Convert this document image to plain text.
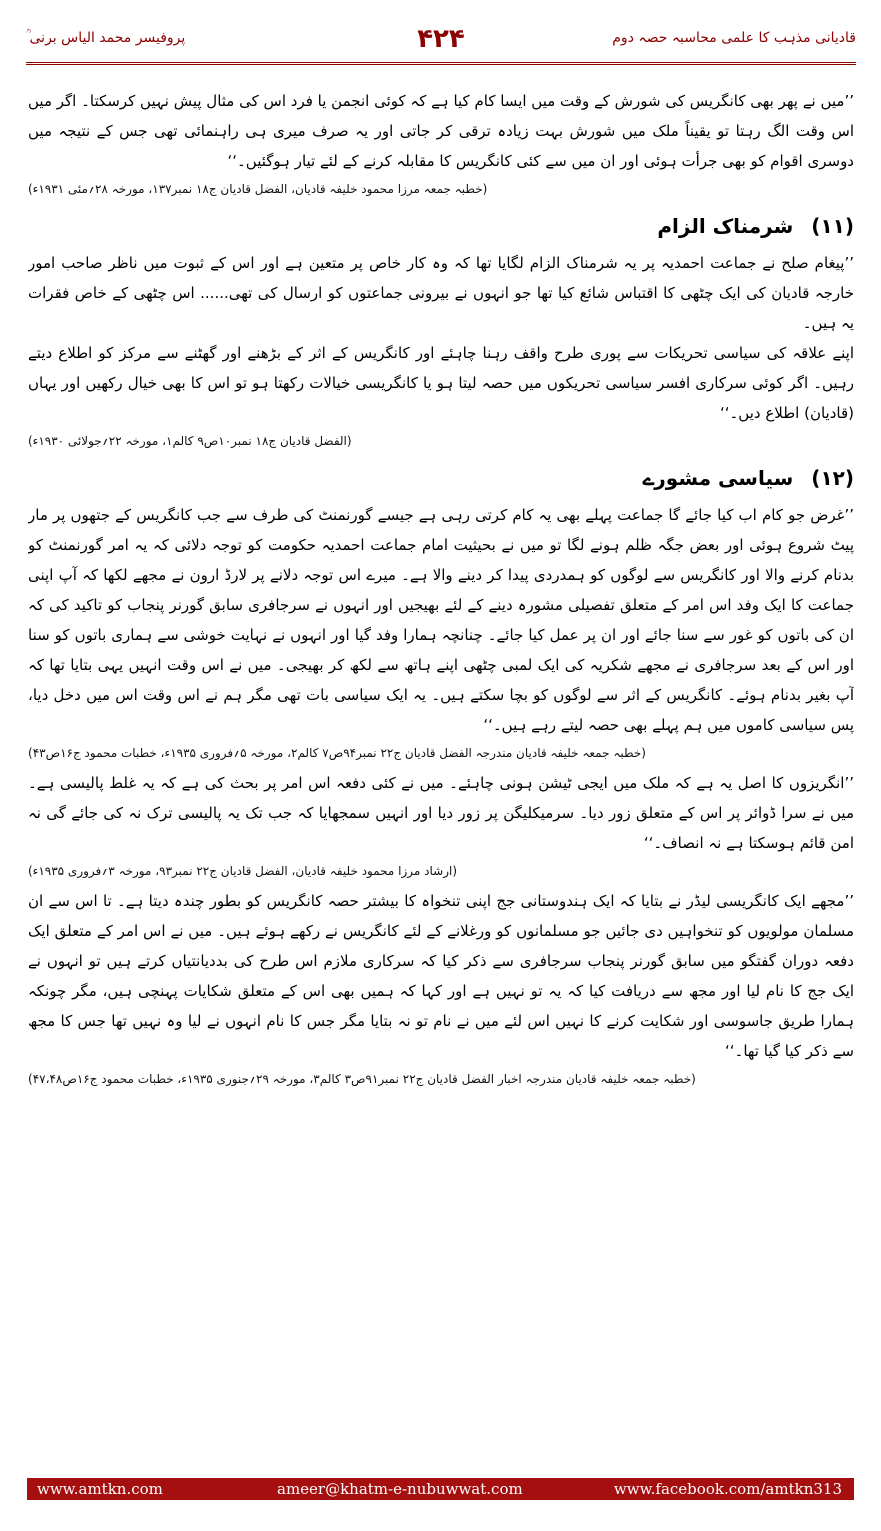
قادیانی مذہب کا علمی محاسبہ حصہ دوم
۴۲۴
پروفیسر محمد الیاس برنی ؒ

’’میں نے پھر بھی کانگریس کی شورش کے وقت میں ایسا کام کیا ہے کہ کوئی انجمن یا فرد اس کی مثال پیش نہیں کرسکتا۔ اگر میں اس وقت الگ رہتا تو یقیناً ملک میں شورش بہت زیادہ ترقی کر جاتی اور یہ صرف میری ہی راہنمائی تھی جس کے نتیجہ میں دوسری اقوام کو بھی جرأت ہوئی اور ان میں سے کئی کانگریس کا مقابلہ کرنے کے لئے تیار ہوگئیں۔‘‘

(خطبہ جمعہ مرزا محمود خلیفہ قادیان، الفضل قادیان ج۱۸ نمبر۱۳۷، مورخہ ۲۸؍مئی ۱۹۳۱ء)

(۱۱)شرمناک الزام

’’پیغام صلح نے جماعت احمدیہ پر یہ شرمناک الزام لگایا تھا کہ وہ کار خاص پر متعین ہے اور اس کے ثبوت میں ناظر صاحب امور خارجہ قادیان کی ایک چٹھی کا اقتباس شائع کیا تھا جو انہوں نے بیرونی جماعتوں کو ارسال کی تھی...... اس چٹھی کے خاص فقرات یہ ہیں۔

اپنے علاقہ کی سیاسی تحریکات سے پوری طرح واقف رہنا چاہئے اور کانگریس کے اثر کے بڑھنے اور گھٹنے سے مرکز کو اطلاع دیتے رہیں۔ اگر کوئی سرکاری افسر سیاسی تحریکوں میں حصہ لیتا ہو یا کانگریسی خیالات رکھتا ہو تو اس کا بھی خیال رکھیں اور یہاں (قادیان) اطلاع دیں۔‘‘

(الفضل قادیان ج۱۸ نمبر۱۰ص۹ کالم۱، مورخہ ۲۲؍جولائی ۱۹۳۰ء)

(۱۲)سیاسی مشورے

’’غرض جو کام اب کیا جائے گا جماعت پہلے بھی یہ کام کرتی رہی ہے جیسے گورنمنٹ کی طرف سے جب کانگریس کے جتھوں پر مار پیٹ شروع ہوئی اور بعض جگہ ظلم ہونے لگا تو میں نے بحیثیت امام جماعت احمدیہ حکومت کو توجہ دلائی کہ یہ امر گورنمنٹ کو بدنام کرنے والا اور کانگریس سے لوگوں کو ہمدردی پیدا کر دینے والا ہے۔ میرے اس توجہ دلانے پر لارڈ ارون نے مجھے لکھا کہ آپ اپنی جماعت کا ایک وفد اس امر کے متعلق تفصیلی مشورہ دینے کے لئے بھیجیں اور انہوں نے سرجافری سابق گورنر پنجاب کو تاکید کی کہ ان کی باتوں کو غور سے سنا جائے اور ان پر عمل کیا جائے۔ چنانچہ ہمارا وفد گیا اور انہوں نے نہایت خوشی سے ہماری باتوں کو سنا اور اس کے بعد سرجافری نے مجھے شکریہ کی ایک لمبی چٹھی اپنے ہاتھ سے لکھ کر بھیجی۔ میں نے اس وقت انہیں یہی بتایا تھا کہ آپ بغیر بدنام ہوئے۔ کانگریس کے اثر سے لوگوں کو بچا سکتے ہیں۔ یہ ایک سیاسی بات تھی مگر ہم نے اس وقت اس میں دخل دیا، پس سیاسی کاموں میں ہم پہلے بھی حصہ لیتے رہے ہیں۔‘‘

(خطبہ جمعہ خلیفہ قادیان مندرجہ الفضل قادیان ج۲۲ نمبر۹۴ص۷ کالم۲، مورخہ ۵؍فروری ۱۹۳۵ء، خطبات محمود ج۱۶ص۴۳)

’’انگریزوں کا اصل یہ ہے کہ ملک میں ایجی ٹیشن ہونی چاہئے۔ میں نے کئی دفعہ اس امر پر بحث کی ہے کہ یہ غلط پالیسی ہے۔ میں نے سرا ڈوائر پر اس کے متعلق زور دیا۔ سرمیکلیگن پر زور دیا اور انہیں سمجھایا کہ جب تک یہ پالیسی ترک نہ کی جائے گی نہ امن قائم ہوسکتا ہے نہ انصاف۔‘‘

(ارشاد مرزا محمود خلیفہ قادیان، الفضل قادیان ج۲۲ نمبر۹۳، مورخہ ۳؍فروری ۱۹۳۵ء)

’’مجھے ایک کانگریسی لیڈر نے بتایا کہ ایک ہندوستانی جج اپنی تنخواہ کا بیشتر حصہ کانگریس کو بطور چندہ دیتا ہے۔ تا اس سے ان مسلمان مولویوں کو تنخواہیں دی جائیں جو مسلمانوں کو ورغلانے کے لئے کانگریس نے رکھے ہوئے ہیں۔ میں نے اس امر کے متعلق ایک دفعہ دوران گفتگو میں سابق گورنر پنجاب سرجافری سے ذکر کیا کہ سرکاری ملازم اس طرح کی بددیانتیاں کرتے ہیں تو انہوں نے ایک جج کا نام لیا اور مجھ سے دریافت کیا کہ یہ تو نہیں ہے اور کہا کہ ہمیں بھی اس کے متعلق شکایات پہنچی ہیں، مگر چونکہ ہمارا طریق جاسوسی اور شکایت کرنے کا نہیں اس لئے میں نے نام تو نہ بتایا مگر جس کا نام انہوں نے لیا وہ نہیں تھا جس کا مجھ سے ذکر کیا گیا تھا۔‘‘

(خطبہ جمعہ خلیفہ قادیان مندرجہ اخبار الفضل قادیان ج۲۲ نمبر۹۱ص۳ کالم۳، مورخہ ۲۹؍جنوری ۱۹۳۵ء، خطبات محمود ج۱۶ص۴۷،۴۸)

www.amtkn.com	ameer@khatm-e-nubuwwat.com	www.facebook.com/amtkn313
